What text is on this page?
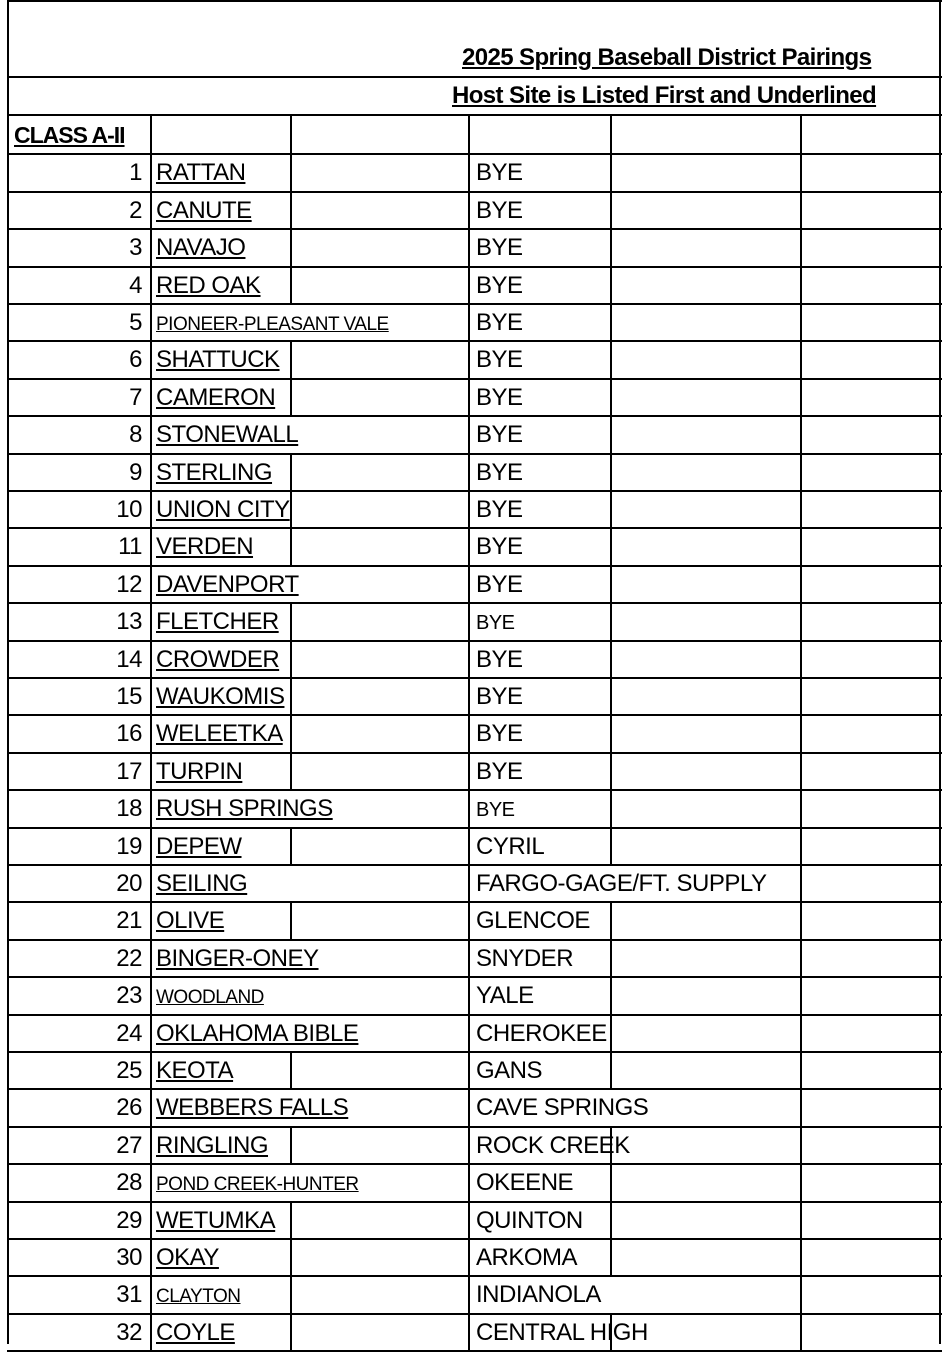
2025 Spring Baseball District Pairings
Host Site is Listed First and Underlined
CLASS A-II
1 RATTAN	BYE
2 CANUTE	BYE
3 NAVAJO	BYE
4 RED OAK	BYE
5 PIONEER-PLEASANT VALE	BYE
6 SHATTUCK	BYE
7 CAMERON	BYE
8 STONEWALL	BYE
9 STERLING	BYE
10 UNION CITY	BYE
11 VERDEN	BYE
12 DAVENPORT	BYE
13 FLETCHER	BYE
14 CROWDER	BYE
15 WAUKOMIS	BYE
16 WELEETKA	BYE
17 TURPIN	BYE
18 RUSH SPRINGS	BYE
19 DEPEW	CYRIL
20 SEILING	FARGO-GAGE/FT. SUPPLY
21 OLIVE	GLENCOE
22 BINGER-ONEY	SNYDER
23 WOODLAND	YALE
24 OKLAHOMA BIBLE	CHEROKEE
25 KEOTA	GANS
26 WEBBERS FALLS	CAVE SPRINGS
27 RINGLING	ROCK CREEK
28 POND CREEK-HUNTER	OKEENE
29 WETUMKA	QUINTON
30 OKAY	ARKOMA
31 CLAYTON	INDIANOLA
32 COYLE	CENTRAL HIGH
